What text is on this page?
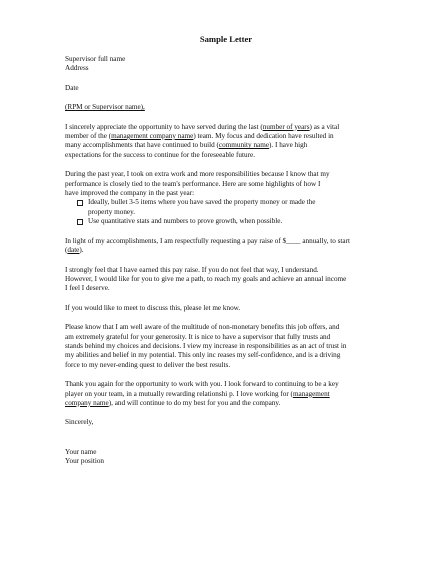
Sample Letter
Supervisor full name
Address
Date
(RPM or Supervisor name),
I sincerely appreciate the opportunity to have served during the last (number of years) as a vital
member of the (management company name) team. My focus and dedication have resulted in
many accomplishments that have continued to build (community name). I have high
expectations for the success to continue for the foreseeable future.
During the past year, I took on extra work and more responsibilities because I know that my
performance is closely tied to the team's performance. Here are some highlights of how I
have improved the company in the past year:
Ideally, bullet 3-5 items where you have saved the property money or made the
property money.
Use quantitative stats and numbers to prove growth, when possible.
In light of my accomplishments, I am respectfully requesting a pay raise of $____ annually, to start
(date).
I strongly feel that I have earned this pay raise. If you do not feel that way, I understand.
However, I would like for you to give me a path, to reach my goals and achieve an annual income
I feel I deserve.
If you would like to meet to discuss this, please let me know.
Please know that I am well aware of the multitude of non-monetary benefits this job offers, and
am extremely grateful for your generosity. It is nice to have a supervisor that fully trusts and
stands behind my choices and decisions. I view my increase in responsibilities as an act of trust in
my abilities and belief in my potential. This only inc reases my self-confidence, and is a driving
force to my never-ending quest to deliver the best results.
Thank you again for the opportunity to work with you. I look forward to continuing to be a key
player on your team, in a mutually rewarding relationshi p. I love working for (management
company name), and will continue to do my best for you and the company.
Sincerely,
Your name
Your position
